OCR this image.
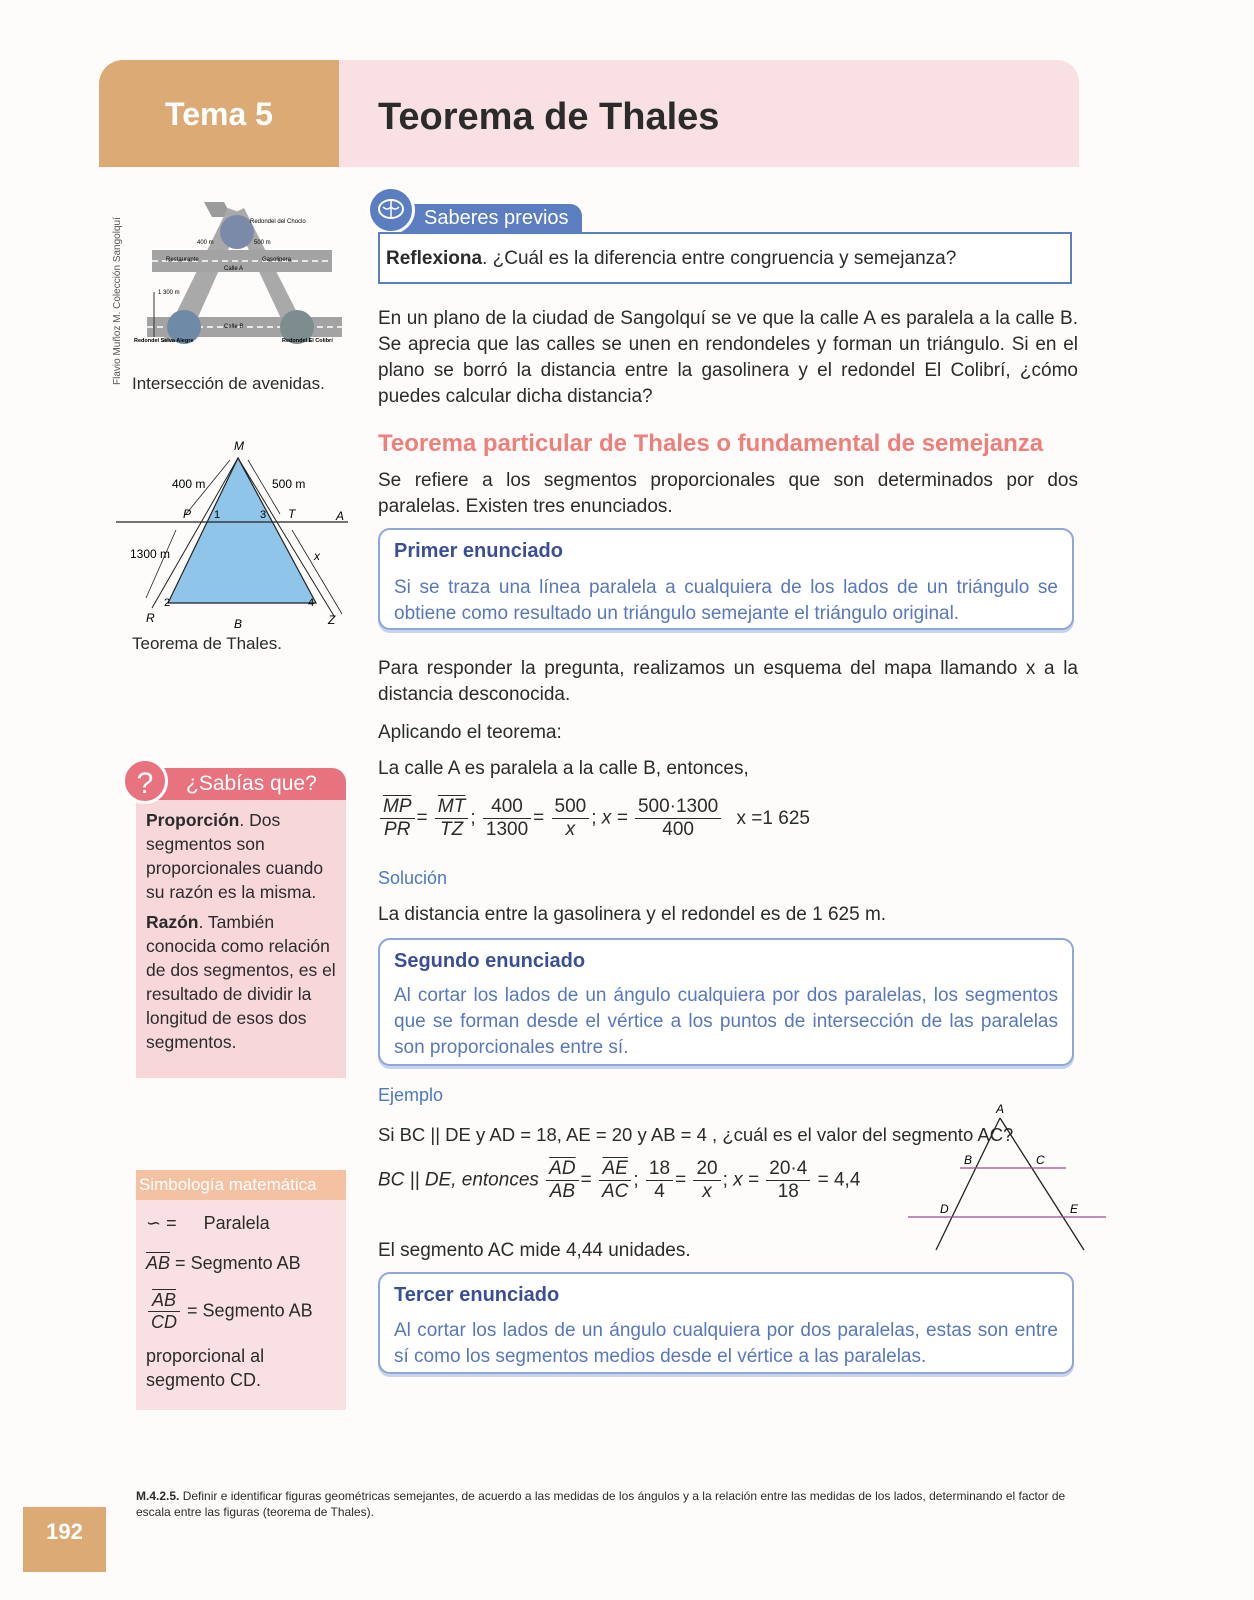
Tema 5	Teorema de Thales
Flavio Muñoz M. Colección Sangolquí	Redondel del Choclo
400 m	500 m
Restaurante	Gasolinera
Calle A
1 300 m
Calle B
Redondel Selva Alegre	Redondel El Colibrí
Intersección de avenidas.
M
400 m	500 m
P 1	3 T	A
1300 m	x
2	4
R	B	Z
Teorema de Thales.
?	¿Sabías que?
Proporción. Dos segmentos son proporcionales cuando su razón es la misma.
Razón. También conocida como relación de dos segmentos, es el resultado de dividir la longitud de esos dos segmentos.
Simbología matemática
∽ = Paralela
$\overline{AB}$ = Segmento AB
$\frac{\overline{AB}}{CD}$ = Segmento AB
proporcional al segmento CD.
192
Saberes previos
Reflexiona. ¿Cuál es la diferencia entre congruencia y semejanza?
En un plano de la ciudad de Sangolquí se ve que la calle A es paralela a la calle B. Se aprecia que las calles se unen en rendondeles y forman un triángulo. Si en el plano se borró la distancia entre la gasolinera y el redondel El Colibrí, ¿cómo puedes calcular dicha distancia?
Teorema particular de Thales o fundamental de semejanza
Se refiere a los segmentos proporcionales que son determinados por dos paralelas. Existen tres enunciados.
Primer enunciado
Si se traza una línea paralela a cualquiera de los lados de un triángulo se obtiene como resultado un triángulo semejante el triángulo original.
Para responder la pregunta, realizamos un esquema del mapa llamando x a la distancia desconocida.
Aplicando el teorema:
La calle A es paralela a la calle B, entonces,
$\frac{\overline{MP}}{PR} = \frac{\overline{MT}}{TZ}$ ; $\frac{400}{1300} = \frac{500}{x}$ ; $x = \frac{500\cdot 1300}{400}$ x =1 625
Solución
La distancia entre la gasolinera y el redondel es de 1 625 m.
Segundo enunciado
Al cortar los lados de un ángulo cualquiera por dos paralelas, los segmentos que se forman desde el vértice a los puntos de intersección de las paralelas son proporcionales entre sí.
Ejemplo
Si BC || DE y AD = 18, AE = 20 y AB = 4 , ¿cuál es el valor del segmento AC?
BC || DE, entonces $\frac{\overline{AD}}{AB} = \frac{\overline{AE}}{AC}$ ; $\frac{18}{4} = \frac{20}{x}$ ; $x = \frac{20\cdot 4}{18} = 4,4$
A
B	C
D	E
El segmento AC mide 4,44 unidades.
Tercer enunciado
Al cortar los lados de un ángulo cualquiera por dos paralelas, estas son entre sí como los segmentos medios desde el vértice a las paralelas.
M.4.2.5. Definir e identificar figuras geométricas semejantes, de acuerdo a las medidas de los ángulos y a la relación entre las medidas de los lados, determinando el factor de escala entre las figuras (teorema de Thales).
